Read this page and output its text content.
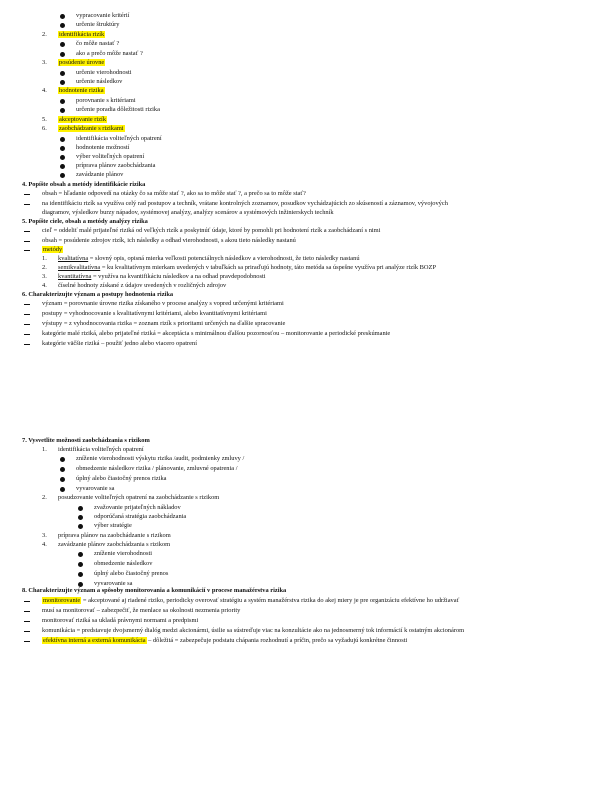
vypracovanie kritérií
určenie štruktúry
2. identifikácia rizík
čo môže nastať ?
ako a prečo môže nastať ?
3. posúdenie úrovne
určenie vierohodnosti
určenie následkov
4. hodnotenie rizika
porovnanie s kritériami
určenie poradia dôležitosti rizika
5. akceptovanie rizík
6. zaobchádzanie s rizikami
identifikácia voliteľných opatrení
hodnotenie možností
výber voliteľných opatrení
príprava plánov zaobchádzania
zavádzanie plánov
4. Popíšte obsah a metódy identifikácie rizika
obsah = hľadanie odpovedí na otázky čo sa môže stať ?, ako sa to môže stať ?, a prečo sa to môže stať?
na identifikáciu rizík sa využíva celý rad postupov a techník, vrátane kontrolných zoznamov, posudkov vychádzajúcich zo skúseností a záznamov, vývojových
diagramov, výsledkov burzy nápadov, systémovej analýzy, analýzy scenárov a systémových inžinierskych techník
5. Popíšte ciele, obsah a metódy analýzy rizika
cieľ = oddeliť malé prijateľné riziká od veľkých rizík a poskytnúť údaje, ktoré by pomohli pri hodnotení rizík a zaobchádzaní s nimi
obsah = posúdenie zdrojov rizík, ich následky a odhad vierohodnosti, s akou tieto následky nastanú
metódy
1. kvalitatívna = slovný opis, opisná mierka veľkosti potenciálnych následkov a vierohodnosti, že tieto následky nastanú
2. semikvalitatívna = ku kvalitatívnym mierkam uvedených v tabuľkách sa priraďujú hodnoty, táto metóda sa úspešne využíva pri analýze rizík BOZP
3. kvantitatívna = využíva na kvantifikáciu následkov a na odhad pravdepodobnosti
4. číselné hodnoty získané z údajov uvedených v rozličných zdrojov
6. Charakterizujte význam a postupy hodnotenia rizika
význam = porovnanie úrovne rizika získaného v procese analýzy s vopred určenými kritériami
postupy = vyhodnocovanie s kvalitatívnymi kritériami, alebo kvantitatívnymi kritériami
výstupy = z vyhodnocovania rizika = zoznam rizík s prioritami určených na ďalšie spracovanie
kategórie malé riziká, alebo prijateľné riziká = akceptácia s minimálnou ďalšou pozornosťou – monitorovanie a periodické preskúmanie
kategórie väčšie riziká – použiť jedno alebo viacero opatrení
7. Vysvetlite možnosti zaobchádzania s rizikom
1. identifikácia voliteľných opatrení
zníženie vierohodnosti výskytu rizika /audit, podmienky zmluvy /
obmedzenie následkov rizika / plánovanie, zmluvné opatrenia /
úplný alebo čiastočný prenos rizika
vyvarovanie sa
2. posudzovanie voliteľných opatrení na zaobchádzanie s rizikom
zvažovanie prijateľných nákladov
odporúčaná stratégia zaobchádzania
výber stratégie
3. príprava plánov na zaobchádzanie s rizikom
4. zavádzanie plánov zaobchádzania s rizikom
zníženie vierohodnosti
obmedzenie následkov
úplný alebo čiastočný prenos
vyvarovanie sa
8. Charakterizujte význam a spôsoby monitorovania a komunikácií v procese manažérstva rizika
monitorovanie = akceptované aj riadené riziko, periodicky overovať stratégiu a systém manažérstva rizika do akej miery je pre organizáciu efektívne ho udržiavať
musí sa monitorovať – zabezpečiť, že menlace sa okolnosti nezmenia priority
monitorovať riziká sa ukladá právnymi normami a predpismi
komunikácia = predstavuje dvojsmerný dialóg medzi akcionármi, úsilie sa sústreďuje viac na konzultácie ako na jednosmerný tok informácií k ostatným akcionárom
efektívna interná a externá komunikácia – dôležitá = zabezpečuje podstatu chápania rozhodnutí a príčin, prečo sa vyžadujú konkrétne činnosti
